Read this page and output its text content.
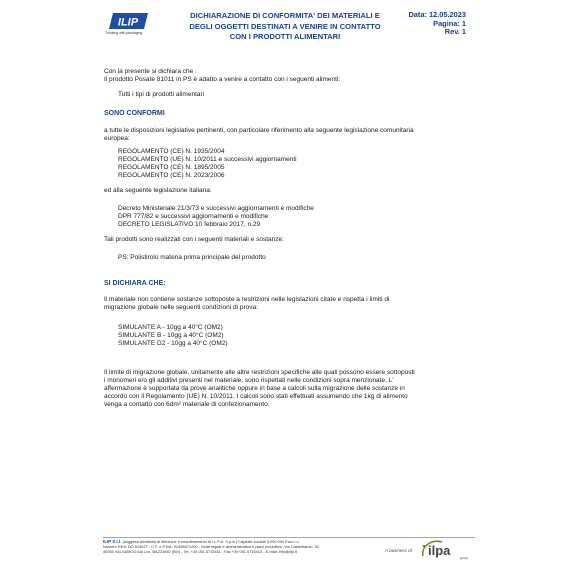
ILIP
Thinking with packaging
DICHIARAZIONE DI CONFORMITA' DEI MATERIALI E
DEGLI OGGETTI DESTINATI A VENIRE IN CONTATTO
CON I PRODOTTI ALIMENTARI
Data: 12.05.2023
Pagina: 1
Rev. 1
Con la presente si dichiara che :
Il prodotto Posate 81011 in PS è adatto a venire a contatto con i seguenti alimenti:
Tutti i tipi di prodotti alimentari
SONO CONFORMI
a tutte le disposizioni legislative pertinenti, con particolare riferimento alla seguente legislazione comunitaria
europea:
REGOLAMENTO (CE) N. 1935/2004
REGOLAMENTO (UE) N. 10/2011 e successivi aggiornamenti
REGOLAMENTO (CE) N. 1895/2005
REGOLAMENTO (CE) N. 2023/2006
ed alla seguente legislazione italiana:
Decreto Ministeriale 21/3/73 e successivi aggiornamenti e modifiche
DPR 777/82 e successivi aggiornamenti e modifiche
DECRETO LEGISLATIVO 10 febbraio 2017, n.29
Tali prodotti sono realizzati con i seguenti materiali e sostanze:
PS: Polistirolo materia prima principale del prodotto
SI DICHIARA CHE:
Il materiale non contiene sostanze sottoposte a restrizioni nelle legislazioni citate e rispetta i limiti di
migrazione globale nelle seguenti condizioni di prova:
SIMULANTE A - 10gg a 40°C (OM2)
SIMULANTE B - 10gg a 40°C (OM2)
SIMULANTE D2 - 10gg a 40°C (OM2)
Il limite di migrazione globale, unitamente alle altre restrizioni specifiche alle quali possono essere sottoposti
i monomeri e/o gli additivi presenti nel materiale, sono rispettati nelle condizioni sopra menzionate. L'
affermazione è supportata da prove analitiche oppure in base a calcoli sulla migrazione delle sostanze in
accordo con il Regolamento (UE) N. 10/2011. I calcoli sono stati effettuati assumendo che 1kg di alimento
venga a contatto con 6dm² materiale di confezionamento.
ILIP S.r.l. (soggetta all'attività di direzione e coordinamento di I.L.P.A. S.p.A.) Capitale sociale 5.000.000 Euro i.v.
Numero REA: BO 524027 - C.F. e P.IVA: 02498971200 - Sede legale e amministrativa e plant produttivo: Via Castelfranco, 52
40053 VALSAMOGGIA Loc. BAZZANO (BO) - Tel. +39 051 6715411 - Fax +39 051 6715413 - E-mail: info@ilip.it	A business of ilpa	group
